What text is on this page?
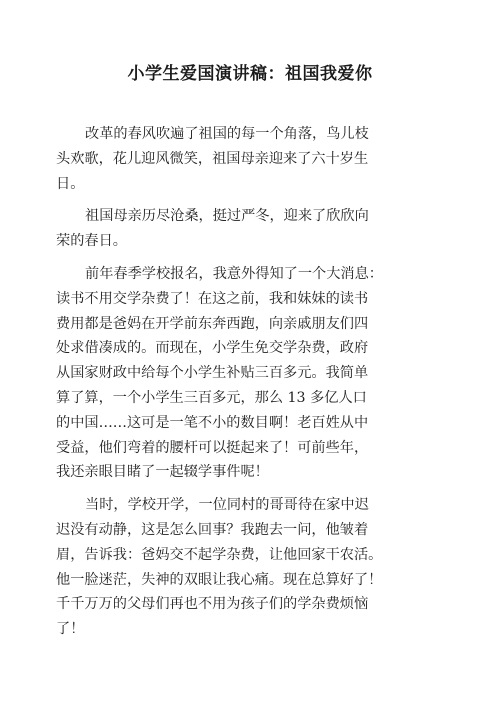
小学生爱国演讲稿：祖国我爱你
改革的春风吹遍了祖国的每一个角落，鸟儿枝
头欢歌，花儿迎风微笑，祖国母亲迎来了六十岁生
日。
祖国母亲历尽沧桑，挺过严冬，迎来了欣欣向
荣的春日。
前年春季学校报名，我意外得知了一个大消息：
读书不用交学杂费了！在这之前，我和妹妹的读书
费用都是爸妈在开学前东奔西跑，向亲戚朋友们四
处求借凑成的。而现在，小学生免交学杂费，政府
从国家财政中给每个小学生补贴三百多元。我简单
算了算，一个小学生三百多元，那么 13 多亿人口
的中国……这可是一笔不小的数目啊！老百姓从中
受益，他们弯着的腰杆可以挺起来了！可前些年，
我还亲眼目睹了一起辍学事件呢！
当时，学校开学，一位同村的哥哥待在家中迟
迟没有动静，这是怎么回事？我跑去一问，他皱着
眉，告诉我：爸妈交不起学杂费，让他回家干农活。
他一脸迷茫，失神的双眼让我心痛。现在总算好了！
千千万万的父母们再也不用为孩子们的学杂费烦恼
了！
